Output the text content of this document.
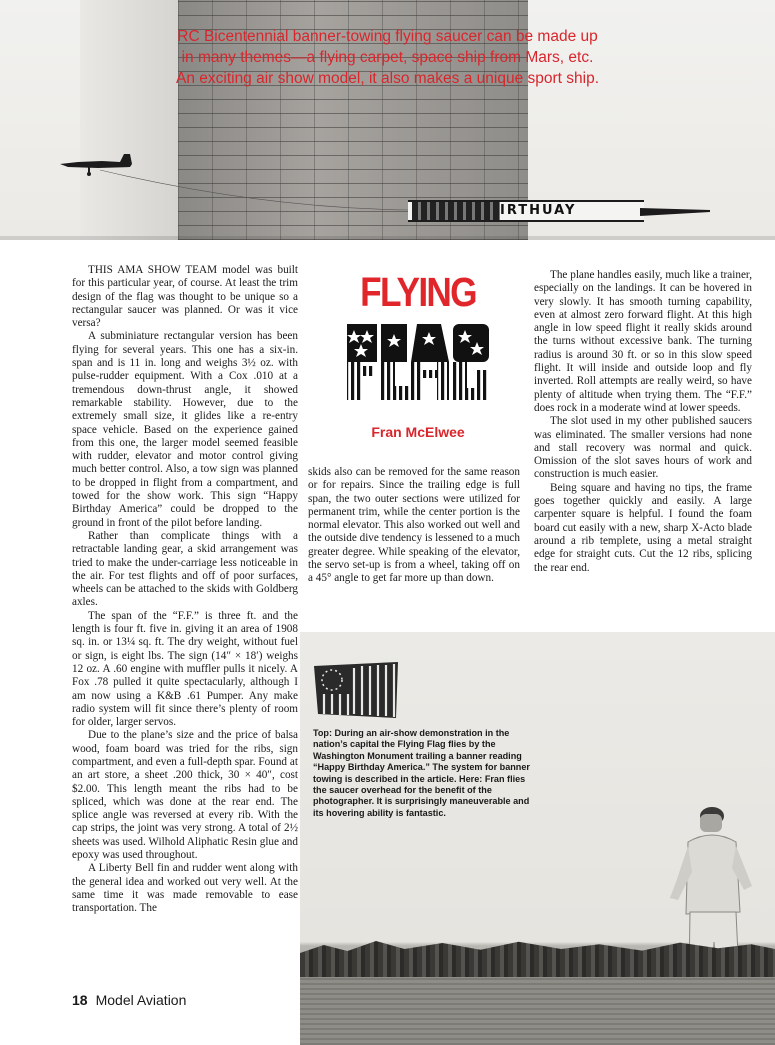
IRTHUAY
RC Bicentennial banner-towing flying saucer can be made up
in many themes—a flying carpet, space ship from Mars, etc.
An exciting air show model, it also makes a unique sport ship.

THIS AMA SHOW TEAM model was built for this particular year, of course. At least the trim design of the flag was thought to be unique so a rectangular saucer was planned. Or was it vice versa?

A subminiature rectangular version has been flying for several years. This one has a six-in. span and is 11 in. long and weighs 3½ oz. with pulse-rudder equipment. With a Cox .010 at a tremendous down-thrust angle, it showed remarkable stability. However, due to the extremely small size, it glides like a re-entry space vehicle. Based on the experience gained from this one, the larger model seemed feasible with rudder, elevator and motor control giving much better control. Also, a tow sign was planned to be dropped in flight from a compartment, and towed for the show work. This sign “Happy Birthday America” could be dropped to the ground in front of the pilot before landing.

Rather than complicate things with a retractable landing gear, a skid arrangement was tried to make the under-carriage less noticeable in the air. For test flights and off of poor surfaces, wheels can be attached to the skids with Goldberg axles.

The span of the “F.F.” is three ft. and the length is four ft. five in. giving it an area of 1908 sq. in. or 13¼ sq. ft. The dry weight, without fuel or sign, is eight lbs. The sign (14″ × 18′) weighs 12 oz. A .60 engine with muffler pulls it nicely. A Fox .78 pulled it quite spectacularly, although I am now using a K&B .61 Pumper. Any make radio system will fit since there’s plenty of room for older, larger servos.

Due to the plane’s size and the price of balsa wood, foam board was tried for the ribs, sign compartment, and even a full-depth spar. Found at an art store, a sheet .200 thick, 30 × 40″, cost $2.00. This length meant the ribs had to be spliced, which was done at the rear end. The splice angle was reversed at every rib. With the cap strips, the joint was very strong. A total of 2½ sheets was used. Wilhold Aliphatic Resin glue and epoxy was used throughout.

A Liberty Bell fin and rudder went along with the general idea and worked out very well. At the same time it was made removable to ease transportation. The

FLYING
Fran McElwee

skids also can be removed for the same reason or for repairs. Since the trailing edge is full span, the two outer sections were utilized for permanent trim, while the center portion is the normal elevator. This also worked out well and the outside dive tendency is lessened to a much greater degree. While speaking of the elevator, the servo set-up is from a wheel, taking off on a 45° angle to get far more up than down.

The plane handles easily, much like a trainer, especially on the landings. It can be hovered in very slowly. It has smooth turning capability, even at almost zero forward flight. At this high angle in low speed flight it really skids around the turns without excessive bank. The turning radius is around 30 ft. or so in this slow speed flight. It will inside and outside loop and fly inverted. Roll attempts are really weird, so have plenty of altitude when trying them. The “F.F.” does rock in a moderate wind at lower speeds.

The slot used in my other published saucers was eliminated. The smaller versions had none and stall recovery was normal and quick. Omission of the slot saves hours of work and construction is much easier.

Being square and having no tips, the frame goes together quickly and easily. A large carpenter square is helpful. I found the foam board cut easily with a new, sharp X-Acto blade around a rib templete, using a metal straight edge for straight cuts. Cut the 12 ribs, splicing the rear end.

Top: During an air-show demonstration in the nation’s capital the Flying Flag flies by the Washington Monument trailing a banner reading “Happy Birthday America.” The system for banner towing is described in the article. Here: Fran flies the saucer overhead for the benefit of the photographer. It is surprisingly maneuverable and its hovering ability is fantastic.

18 Model Aviation
